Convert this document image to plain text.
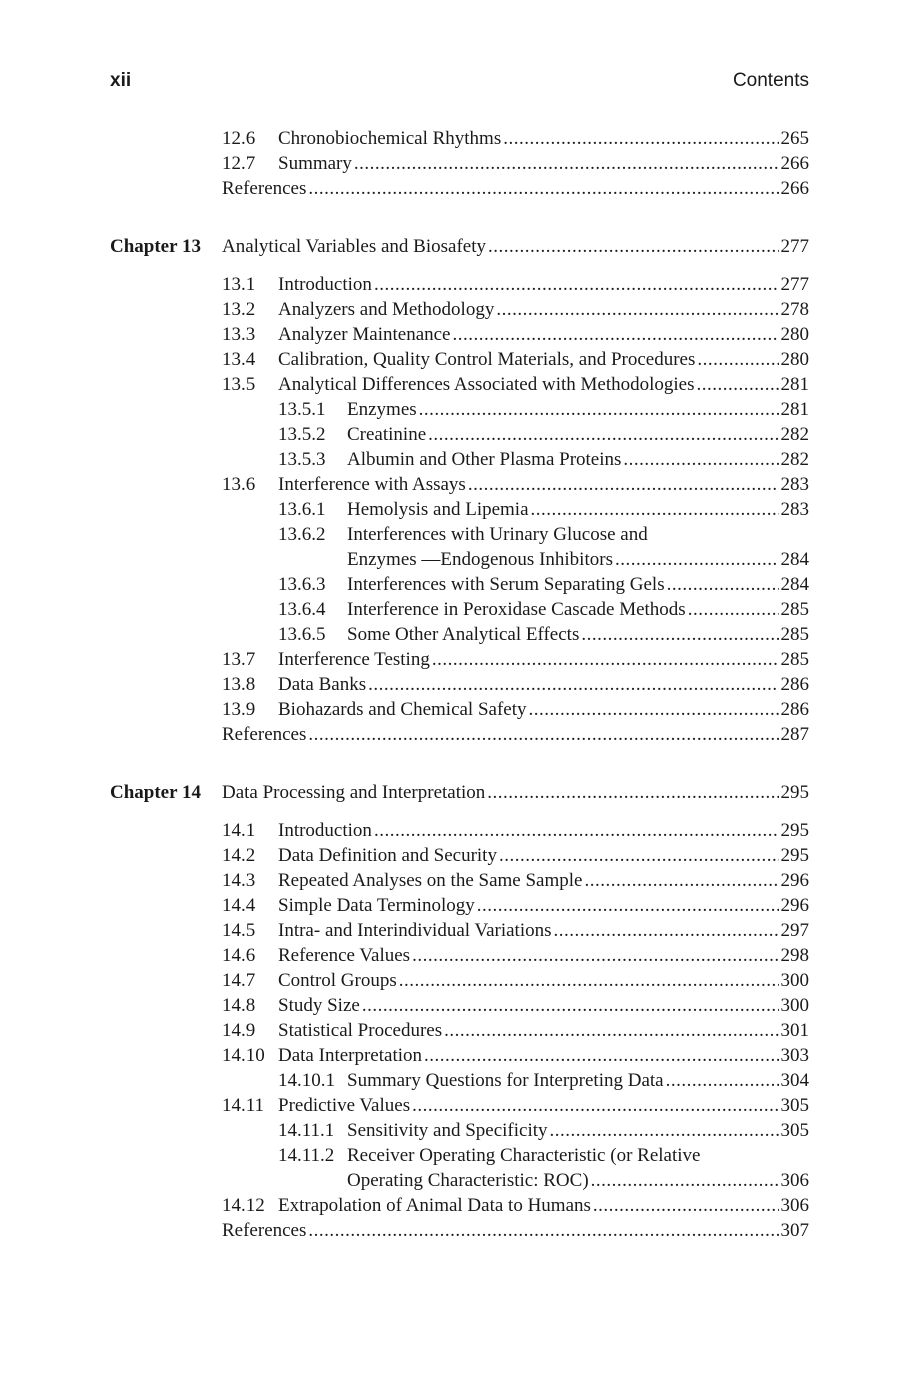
xii	Contents
12.6 Chronobiochemical Rhythms .....	265
12.7 Summary .....	266
References .....	266
Chapter 13 Analytical Variables and Biosafety .....	277
13.1 Introduction .....	277
13.2 Analyzers and Methodology .....	278
13.3 Analyzer Maintenance .....	280
13.4 Calibration, Quality Control Materials, and Procedures .....	280
13.5 Analytical Differences Associated with Methodologies .....	281
13.5.1 Enzymes .....	281
13.5.2 Creatinine .....	282
13.5.3 Albumin and Other Plasma Proteins .....	282
13.6 Interference with Assays .....	283
13.6.1 Hemolysis and Lipemia .....	283
13.6.2 Interferences with Urinary Glucose and
Enzymes —Endogenous Inhibitors .....	284
13.6.3 Interferences with Serum Separating Gels .....	284
13.6.4 Interference in Peroxidase Cascade Methods .....	285
13.6.5 Some Other Analytical Effects .....	285
13.7 Interference Testing .....	285
13.8 Data Banks .....	286
13.9 Biohazards and Chemical Safety .....	286
References .....	287
Chapter 14 Data Processing and Interpretation .....	295
14.1 Introduction .....	295
14.2 Data Definition and Security .....	295
14.3 Repeated Analyses on the Same Sample .....	296
14.4 Simple Data Terminology .....	296
14.5 Intra- and Interindividual Variations .....	297
14.6 Reference Values .....	298
14.7 Control Groups .....	300
14.8 Study Size .....	300
14.9 Statistical Procedures .....	301
14.10 Data Interpretation .....	303
14.10.1 Summary Questions for Interpreting Data .....	304
14.11 Predictive Values .....	305
14.11.1 Sensitivity and Specificity .....	305
14.11.2 Receiver Operating Characteristic (or Relative
Operating Characteristic: ROC) .....	306
14.12 Extrapolation of Animal Data to Humans .....	306
References .....	307
